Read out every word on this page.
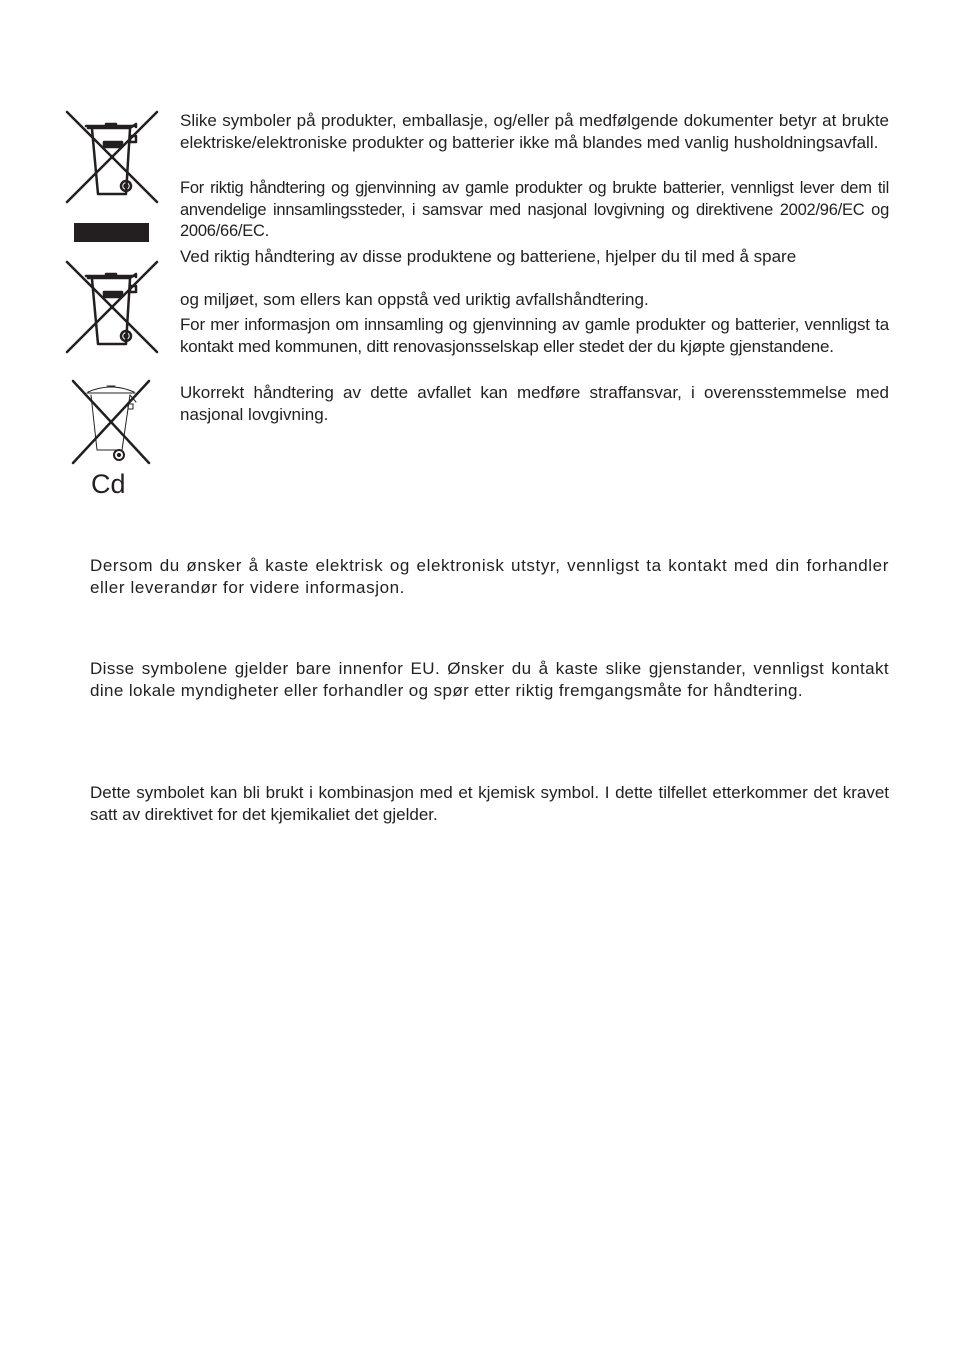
Cd

Slike symboler på produkter, emballasje, og/eller på medfølgende dokumenter betyr at brukte elektriske/elektroniske produkter og batterier ikke må blandes med vanlig husholdningsavfall.

For riktig håndtering og gjenvinning av gamle produkter og brukte batterier, vennligst lever dem til anvendelige innsamlingssteder, i samsvar med nasjonal lovgivning og direktivene 2002/96/EC og 2006/66/EC.

Ved riktig håndtering av disse produktene og batteriene, hjelper du til med å spare

og miljøet, som ellers kan oppstå ved uriktig avfallshåndtering.

For mer informasjon om innsamling og gjenvinning av gamle produkter og batterier, vennligst ta kontakt med kommunen, ditt renovasjonsselskap eller stedet der du kjøpte gjenstandene.

Ukorrekt håndtering av dette avfallet kan medføre straffansvar, i overensstemmelse med nasjonal lovgivning.

Dersom du ønsker å kaste elektrisk og elektronisk utstyr, vennligst ta kontakt med din forhandler eller leverandør for videre informasjon.

Disse symbolene gjelder bare innenfor EU. Ønsker du å kaste slike gjenstander, vennligst kontakt dine lokale myndigheter eller forhandler og spør etter riktig fremgangsmåte for håndtering.

Dette symbolet kan bli brukt i kombinasjon med et kjemisk symbol. I dette tilfellet etterkommer det kravet satt av direktivet for det kjemikaliet det gjelder.
